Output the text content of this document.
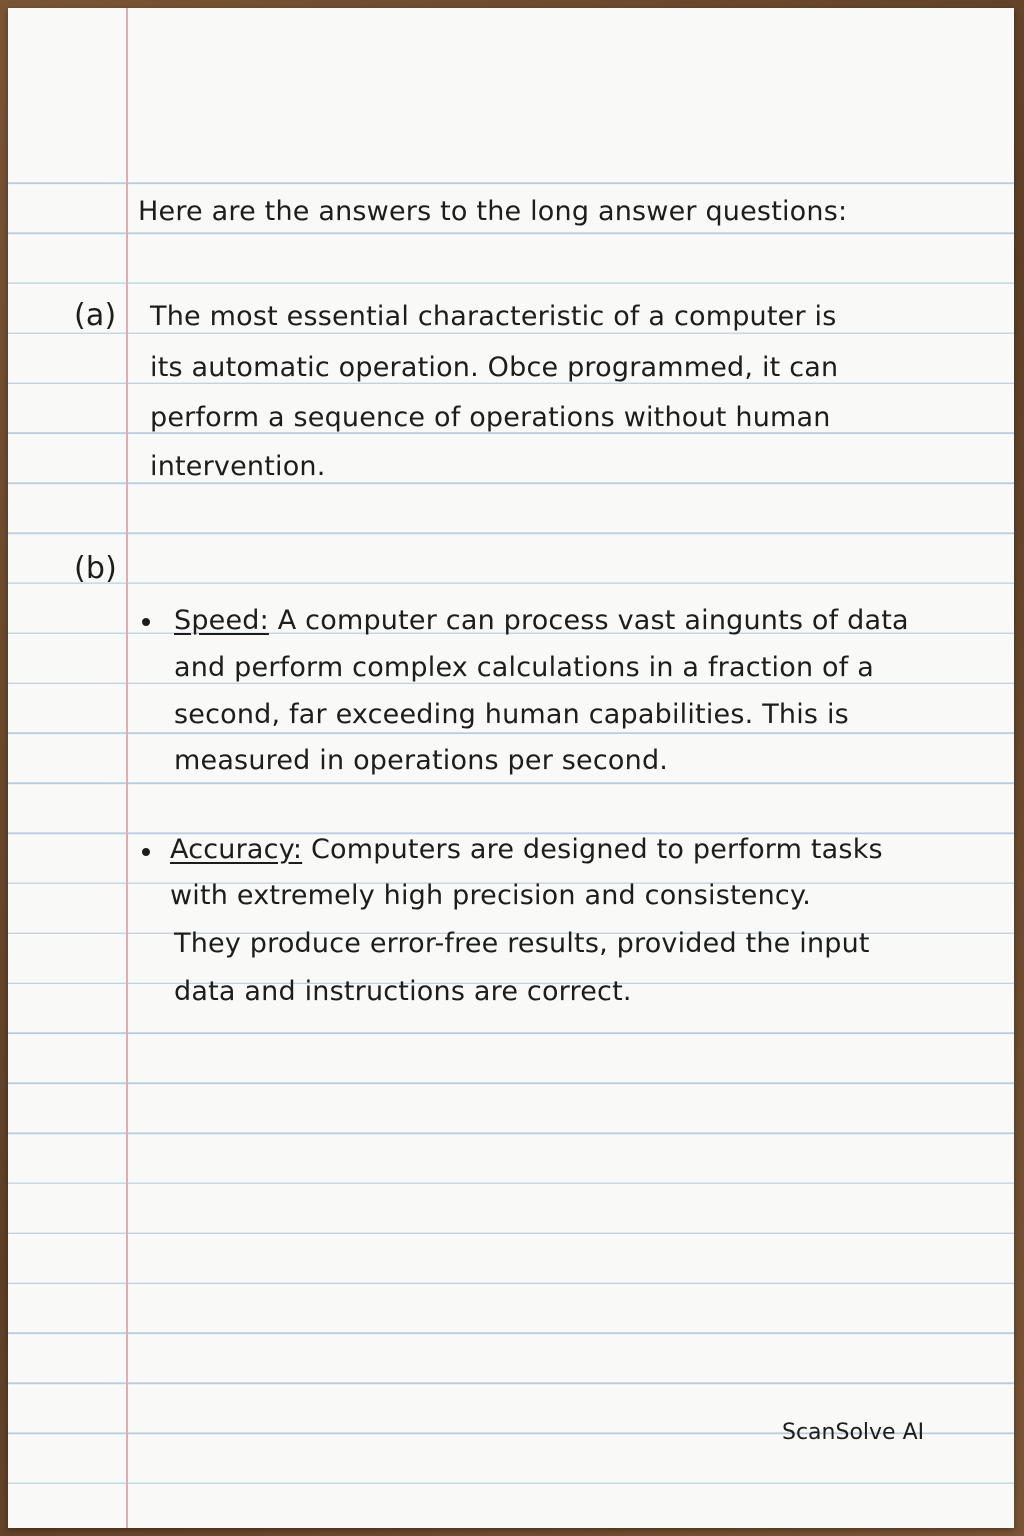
Here are the answers to the long answer questions:
(a) The most essential characteristic of a computer is
its automatic operation. Obce programmed, it can
perform a sequence of operations without human
intervention.
(b)
Speed: A computer can process vast aingunts of data
and perform complex calculations in a fraction of a
second, far exceeding human capabilities. This is
measured in operations per second.
Accuracy: Computers are designed to perform tasks
with extremely high precision and consistency.
They produce error-free results, provided the input
data and instructions are correct.
ScanSolve AI
